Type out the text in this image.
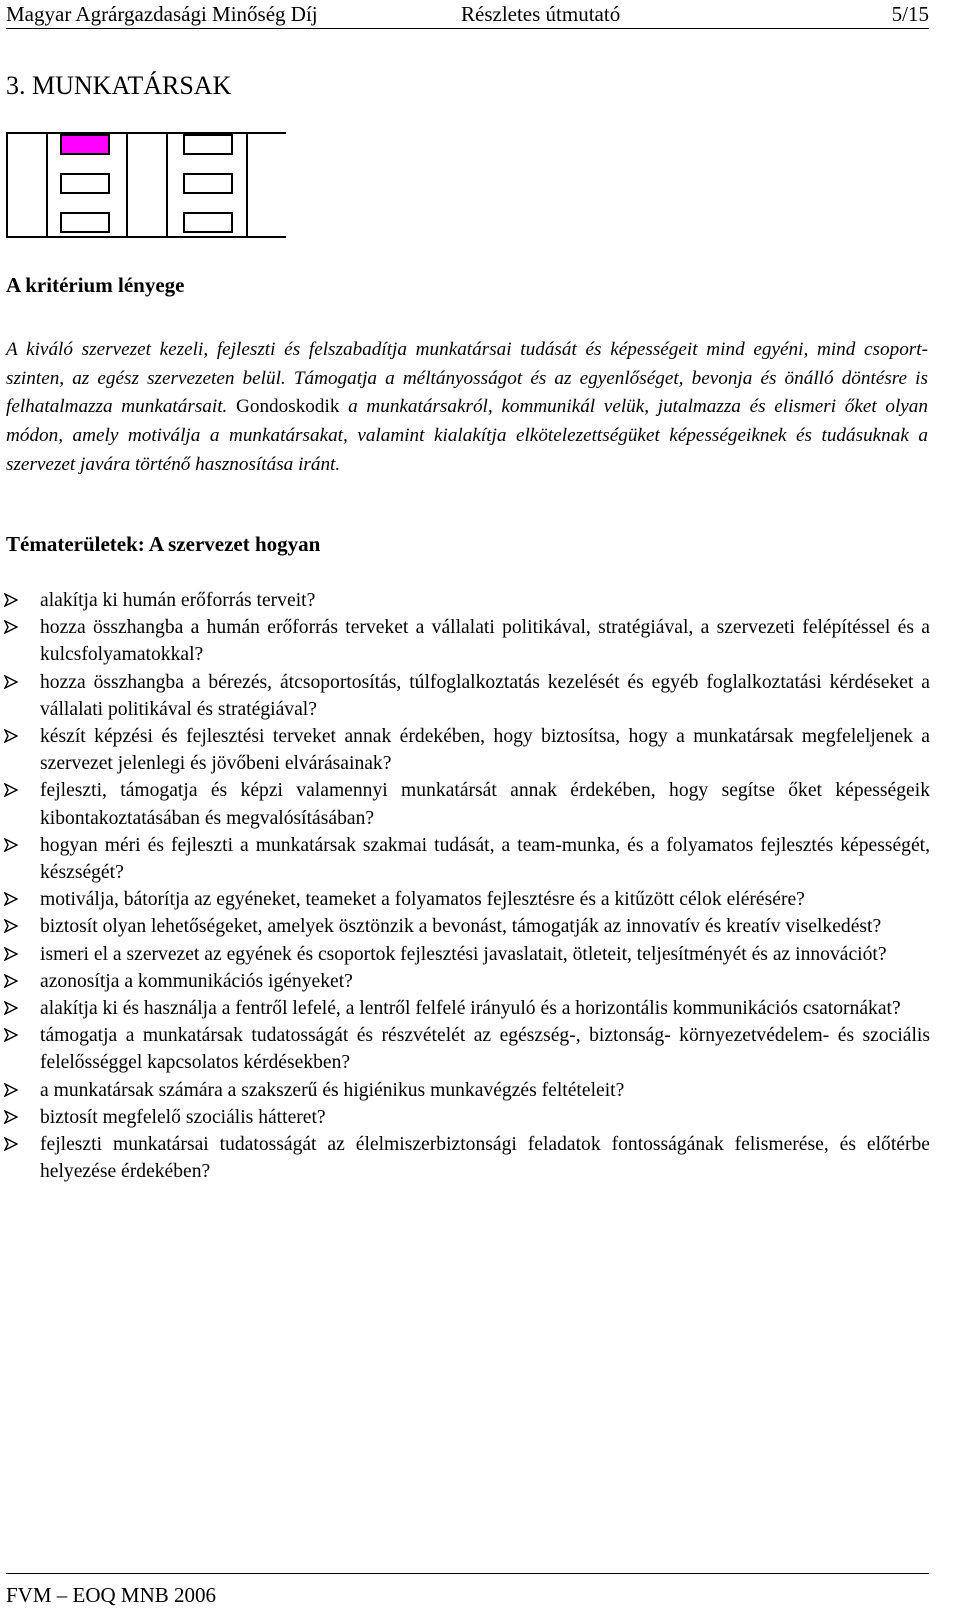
Magyar Agrárgazdasági Minőség Díj	Részletes útmutató	5/15
3. MUNKATÁRSAK
A kritérium lényege

A kiváló szervezet kezeli, fejleszti és felszabadítja munkatársai tudását és képességeit mind egyéni, mind csoport-szinten, az egész szervezeten belül. Támogatja a méltányosságot és az egyenlőséget, bevonja és önálló döntésre is felhatalmazza munkatársait. Gondoskodik a munkatársakról, kommunikál velük, jutalmazza és elismeri őket olyan módon, amely motiválja a munkatársakat, valamint kialakítja elkötelezettségüket képességeiknek és tudásuknak a szervezet javára történő hasznosítása iránt.

Tématerületek: A szervezet hogyan
alakítja ki humán erőforrás terveit?
hozza összhangba a humán erőforrás terveket a vállalati politikával, stratégiával, a szervezeti felépítéssel és a kulcsfolyamatokkal?
hozza összhangba a bérezés, átcsoportosítás, túlfoglalkoztatás kezelését és egyéb foglalkoztatási kérdéseket a vállalati politikával és stratégiával?
készít képzési és fejlesztési terveket annak érdekében, hogy biztosítsa, hogy a munkatársak megfeleljenek a szervezet jelenlegi és jövőbeni elvárásainak?
fejleszti, támogatja és képzi valamennyi munkatársát annak érdekében, hogy segítse őket képességeik kibontakoztatásában és megvalósításában?
hogyan méri és fejleszti a munkatársak szakmai tudását, a team-munka, és a folyamatos fejlesztés képességét, készségét?
motiválja, bátorítja az egyéneket, teameket a folyamatos fejlesztésre és a kitűzött célok elérésére?
biztosít olyan lehetőségeket, amelyek ösztönzik a bevonást, támogatják az innovatív és kreatív viselkedést?
ismeri el a szervezet az egyének és csoportok fejlesztési javaslatait, ötleteit, teljesítményét és az innovációt?
azonosítja a kommunikációs igényeket?
alakítja ki és használja a fentről lefelé, a lentről felfelé irányuló és a horizontális kommunikációs csatornákat?
támogatja a munkatársak tudatosságát és részvételét az egészség-, biztonság- környezetvédelem- és szociális felelősséggel kapcsolatos kérdésekben?
a munkatársak számára a szakszerű és higiénikus munkavégzés feltételeit?
biztosít megfelelő szociális hátteret?
fejleszti munkatársai tudatosságát az élelmiszerbiztonsági feladatok fontosságának felismerése, és előtérbe helyezése érdekében?
FVM – EOQ MNB 2006
